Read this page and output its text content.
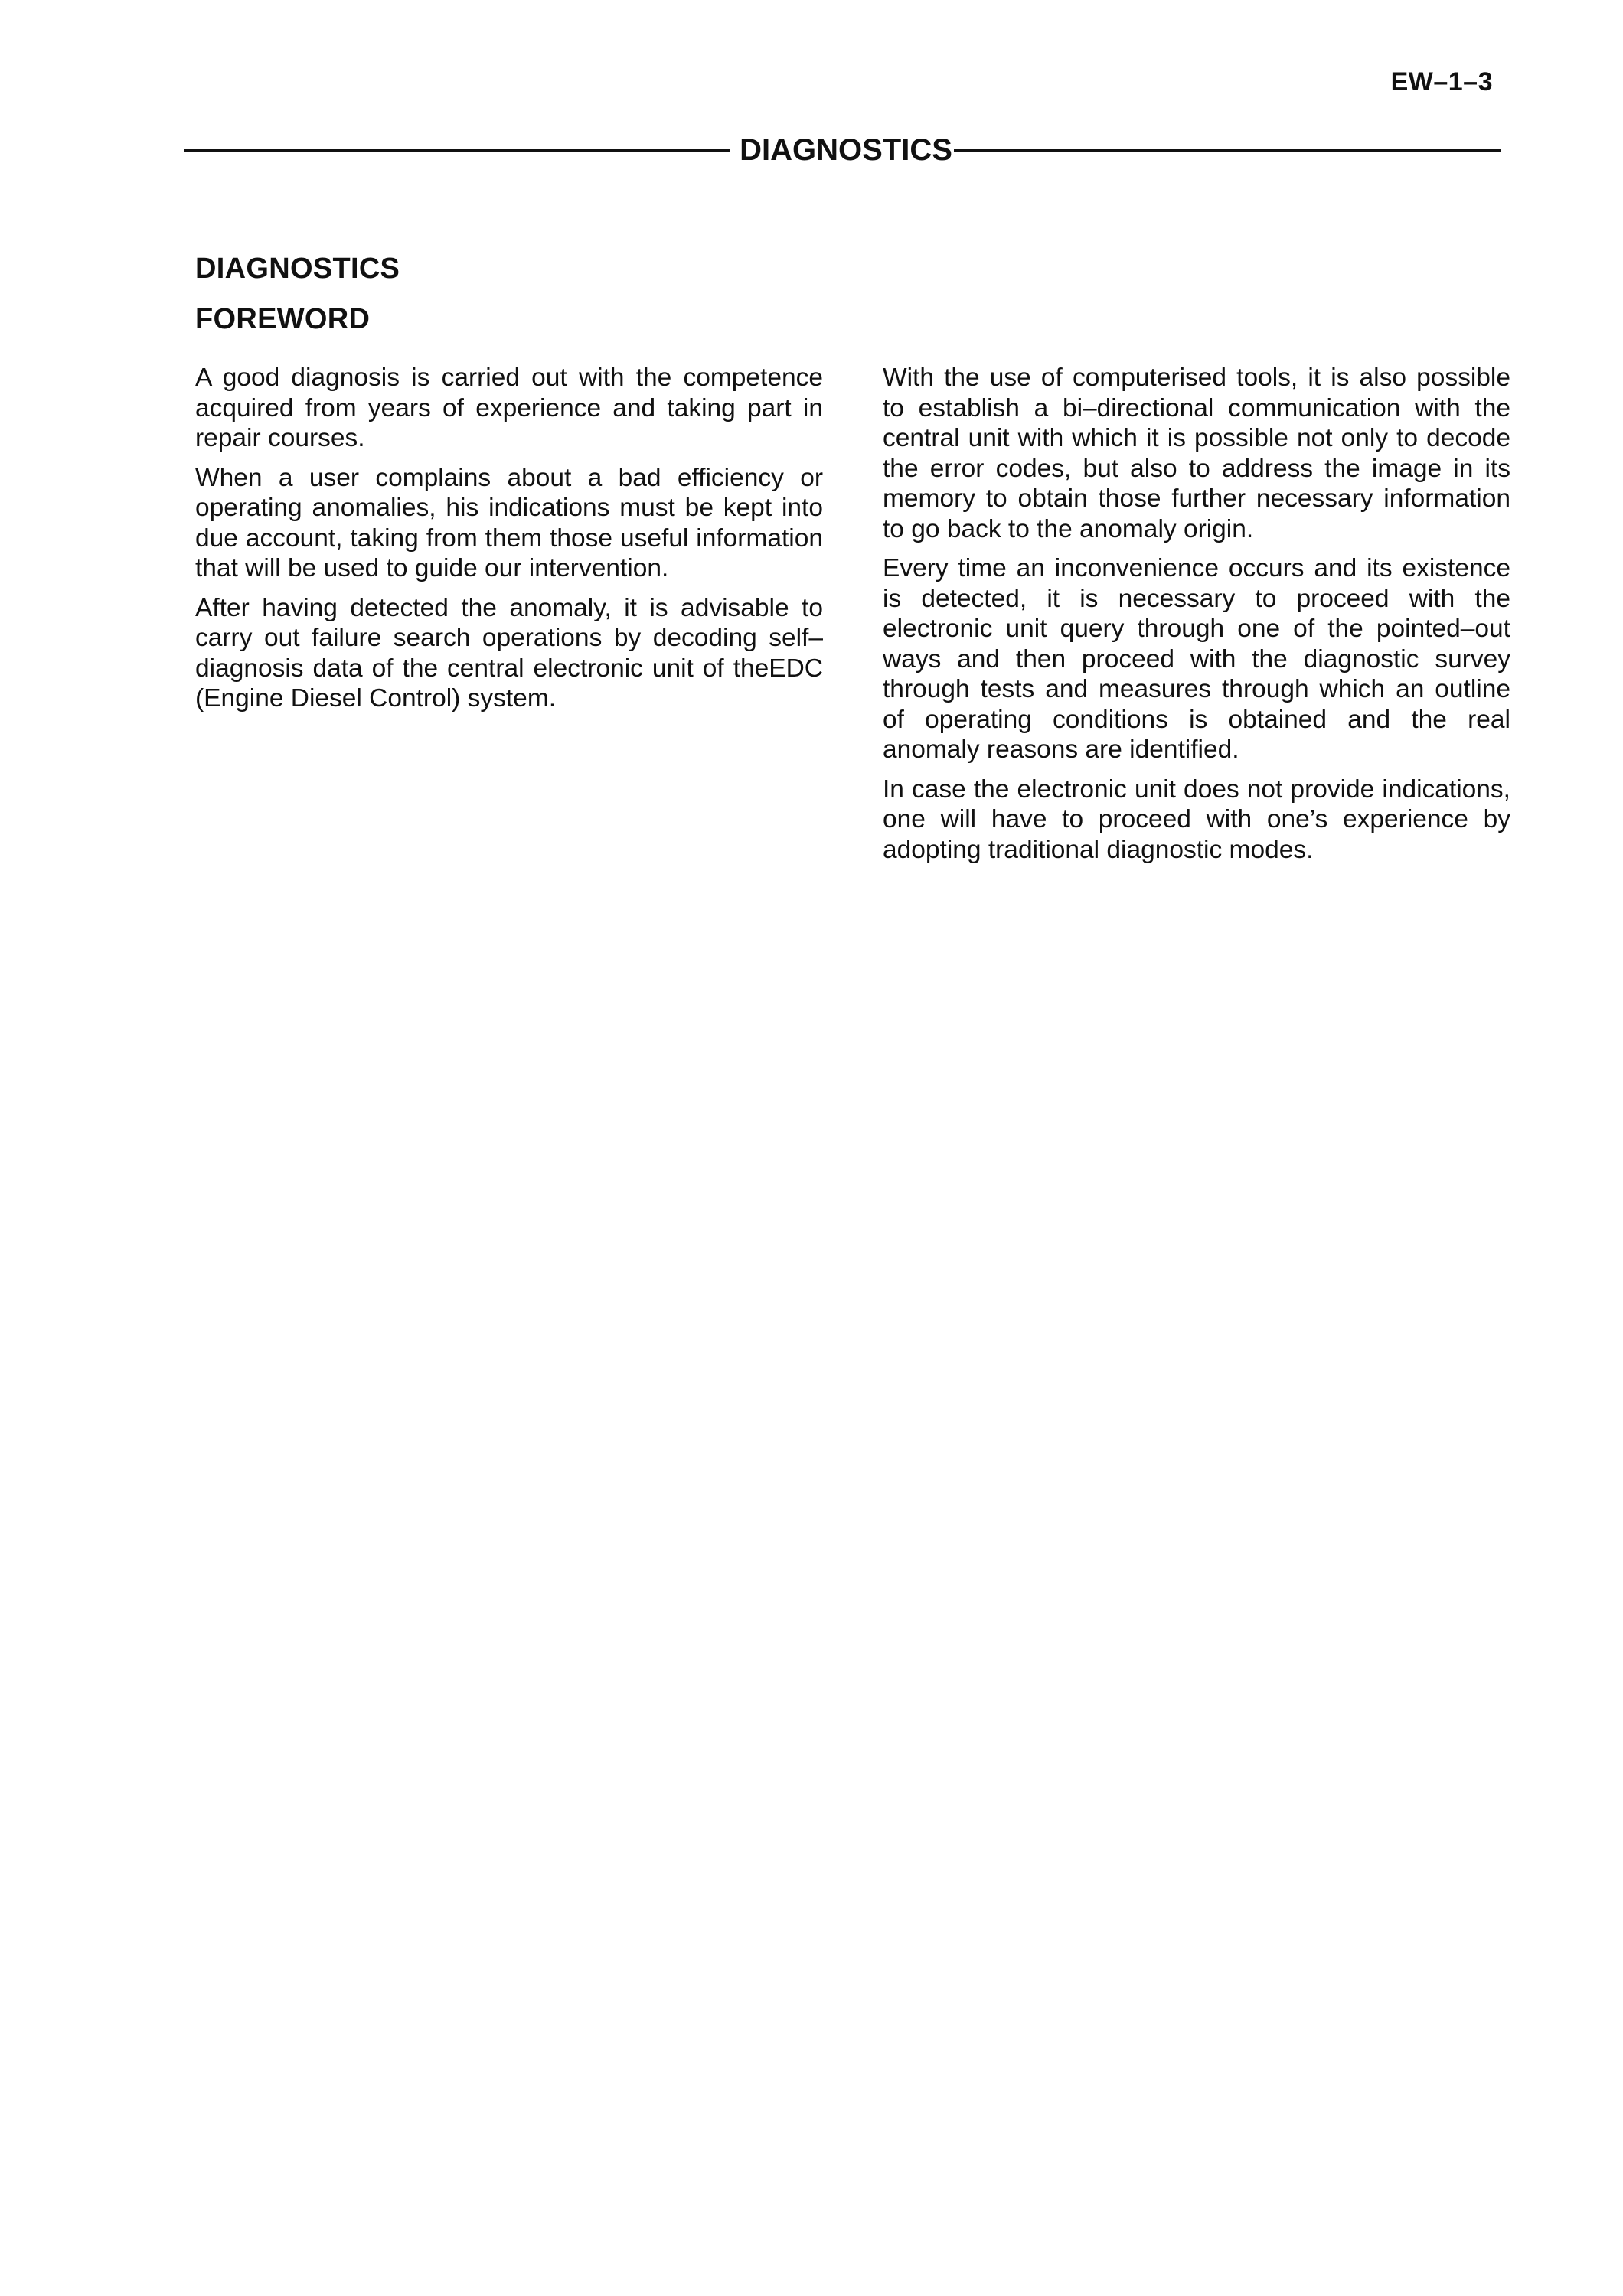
EW–1–3
DIAGNOSTICS
DIAGNOSTICS
FOREWORD

A good diagnosis is carried out with the competence acquired from years of experience and taking part in repair courses.

When a user complains about a bad efficiency or operating anomalies, his indications must be kept into due account, taking from them those useful information that will be used to guide our intervention.

After having detected the anomaly, it is advisable to carry out failure search operations by decoding self–diagnosis data of the central electronic unit of theEDC (Engine Diesel Control) system.

With the use of computerised tools, it is also possible to establish a bi–directional communication with the central unit with which it is possible not only to decode the error codes, but also to address the image in its memory to obtain those further necessary information to go back to the anomaly origin.

Every time an inconvenience occurs and its existence is detected, it is necessary to proceed with the electronic unit query through one of the pointed–out ways and then proceed with the diagnostic survey through tests and measures through which an outline of operating conditions is obtained and the real anomaly reasons are identified.

In case the electronic unit does not provide indications, one will have to proceed with one’s experience by adopting traditional diagnostic modes.
